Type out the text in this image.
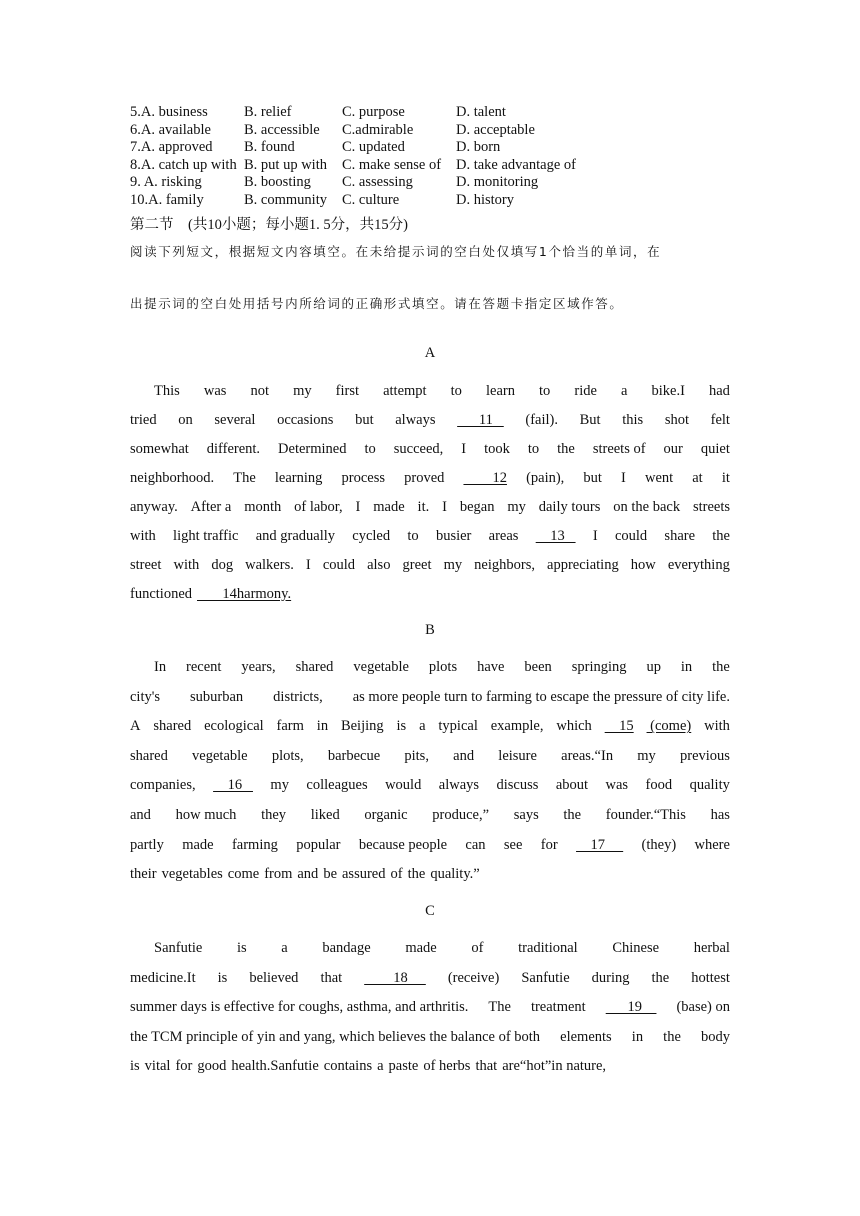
5.A. business	B. relief	C. purpose	D. talent
6.A. available B. accessible C.admirable	D. acceptable
7.A. approved B. found	C. updated	D. born
8.A. catch up with B. put up with C. make sense of D. take advantage of
9. A. risking	B. boosting C. assessing	D. monitoring
10.A. family	B. community C. culture	D. history
第二节　(共10小题；每小题1. 5分，共15分)
阅读下列短文，根据短文内容填空。在未给提示词的空白处仅填写1个恰当的单词，在
出提示词的空白处用括号内所给词的正确形式填空。请在答题卡指定区域作答。
A
This was not my first attempt to learn to ride a bike.I had
tried on several occasions but always 11 (fail). But this shot felt
somewhat different. Determined to succeed, I took to the streets of our quiet
neighborhood. The learning process proved 12 (pain), but I went at it
anyway. After a month of labor, I made it. I began my daily tours on the back streets
with light traffic and gradually cycled to busier areas 13 I could share the
street with dog walkers. I could also greet my neighbors, appreciating how everything
functioned 14harmony.
B
In recent years, shared vegetable plots have been springing up in the
city's suburban districts, as more people turn to farming to escape the pressure of city life.
A shared ecological farm in Beijing is a typical example, which 15 (come) with
shared vegetable plots, barbecue pits, and leisure areas.“In my previous
companies, 16 my colleagues would always discuss about was food quality
and how much they liked organic produce,” says the founder.“This has
partly made farming popular because people can see for 17 (they) where
their vegetables come from and be assured of the quality.”
C
Sanfutie is a bandage made of traditional Chinese herbal
medicine.It is believed that 18 (receive) Sanfutie during the hottest
summer days is effective for coughs, asthma, and arthritis. The treatment 19 (base) on
the TCM principle of yin and yang, which believes the balance of both elements in the body
is vital for good health.Sanfutie contains a paste of herbs that are“hot”in nature,
